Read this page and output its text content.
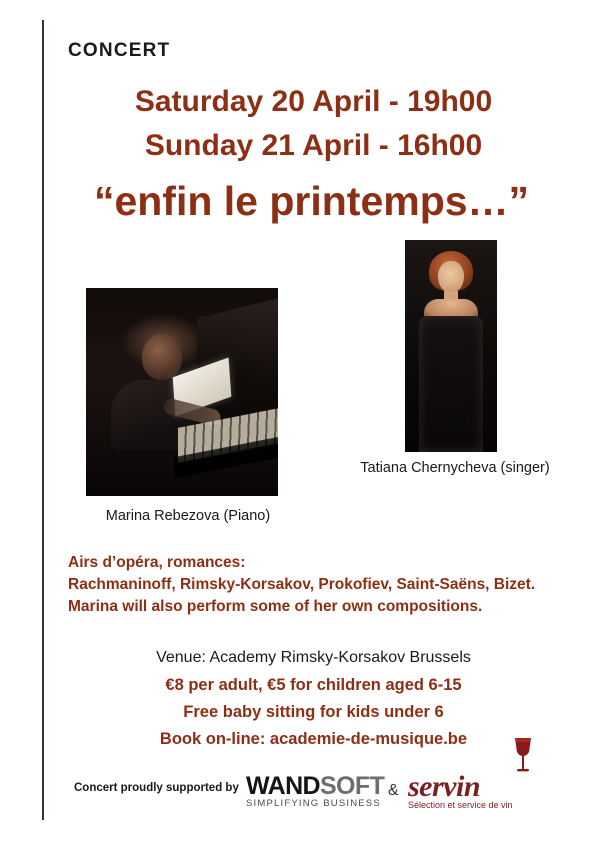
CONCERT
Saturday 20 April - 19h00
Sunday 21 April - 16h00
“enfin le printemps…”
Marina Rebezova (Piano)
Tatiana Chernycheva (singer)
Airs d’opéra, romances:
Rachmaninoff, Rimsky-Korsakov, Prokofiev, Saint-Saëns, Bizet.
Marina will also perform some of her own compositions.
Venue: Academy Rimsky-Korsakov Brussels
€8 per adult, €5 for children aged 6-15
Free baby sitting for kids under 6
Book on-line: academie-de-musique.be
Concert proudly supported by WANDSOFT
SIMPLIFYING BUSINESS
& servin
Sélection et service de vin
